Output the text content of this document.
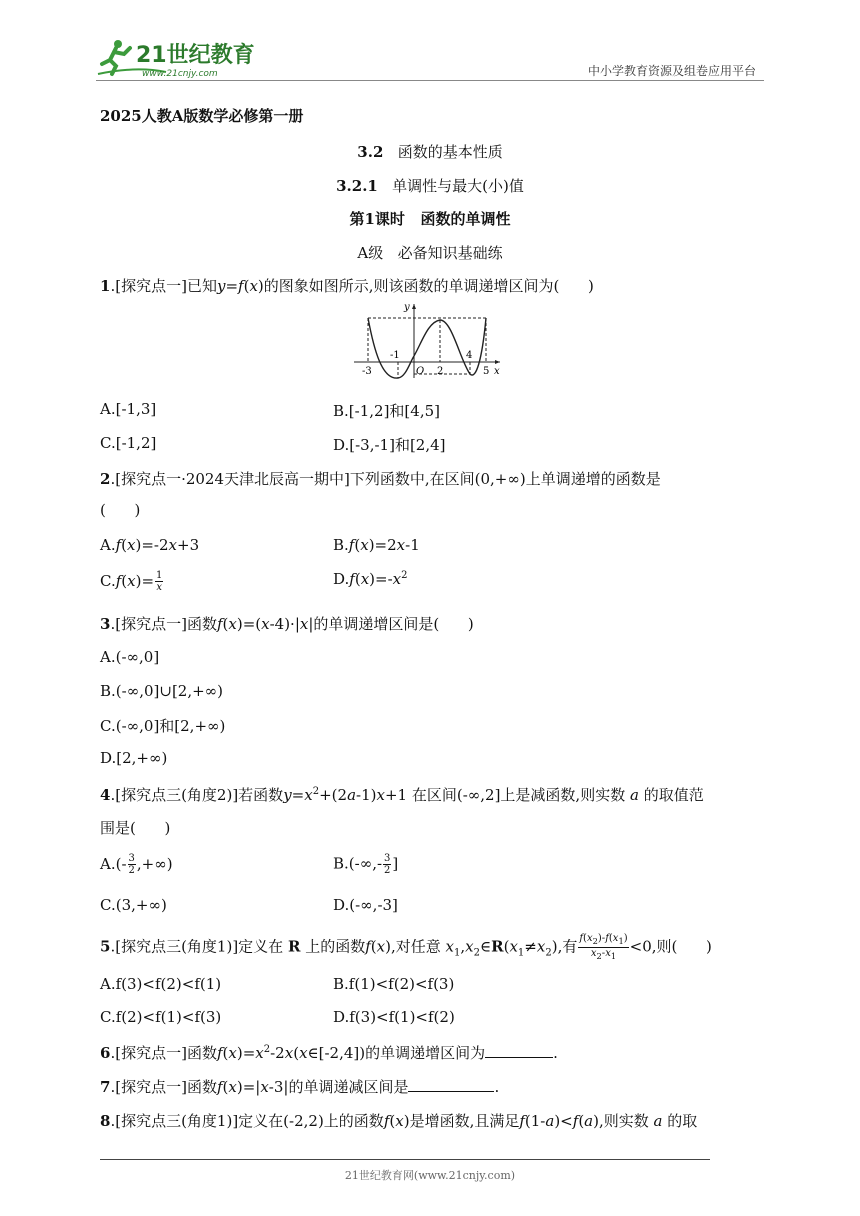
21世纪教育
www.21cnjy.com	中小学教育资源及组卷应用平台
2025人教A版数学必修第一册
3.2 函数的基本性质
3.2.1 单调性与最大(小)值
第1课时 函数的单调性
A级 必备知识基础练
1.[探究点一]已知y=f(x)的图象如图所示,则该函数的单调递增区间为( )
-3
-1
O 2
4
5 x
y
A.[-1,3]	B.[-1,2]和[4,5]
C.[-1,2]	D.[-3,-1]和[2,4]
2.[探究点一·2024天津北辰高一期中]下列函数中,在区间(0,+∞)上单调递增的函数是
( )
A.f(x)=-2x+3	B.f(x)=2x-1
$C.f(x)= \frac{1}{x}$	$D.f(x)=-x^2$
3.[探究点一]函数f(x)=(x-4)·|x|的单调递增区间是( )
A.(-∞,0]
B.(-∞,0]∪[2,+∞)
C.(-∞,0]和[2,+∞)
D.[2,+∞)
4.[探究点三(角度2)]若函数$y=x^2+(2a-1)x+1$ 在区间(-∞,2]上是减函数,则实数 a 的取值范
围是( )
$A.(- \frac{3}{2}$ ,+∞)	$B.(-\infty,- \frac{3}{2}$ ]
C.(3,+∞)	D.(-∞,-3]
5.[探究点三(角度1)]定义在 R 上的函数f(x),对任意 $x_1,x_2\in R(x_1\ne x_2)$,有 $\frac{f(x_2)-f(x_1)}{x_2-x_1} <0$,则( )
A.f(3)<f(2)<f(1)	B.f(1)<f(2)<f(3)
C.f(2)<f(1)<f(3)	D.f(3)<f(1)<f(2)
6.[探究点一]函数$f(x)=x^2-2x(x\in[-2,4])$的单调递增区间为	.
7.[探究点一]函数f(x)=|x-3|的单调递减区间是	.
8.[探究点三(角度1)]定义在(-2,2)上的函数f(x)是增函数,且满足f(1-a)<f(a),则实数 a 的取
21世纪教育网(www.21cnjy.com)
